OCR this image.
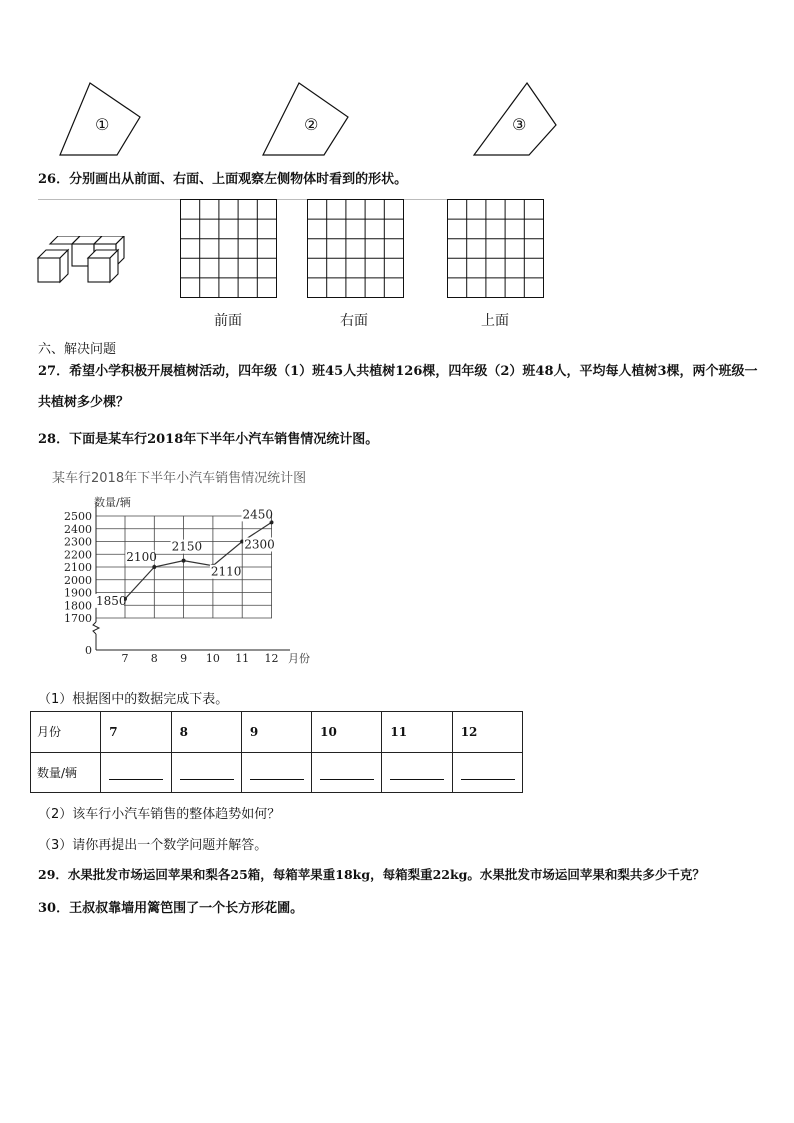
①	②	③
26．分别画出从前面、右面、上面观察左侧物体时看到的形状。
前面	右面	上面
六、解决问题
27．希望小学积极开展植树活动，四年级（1）班45人共植树126棵，四年级（2）班48人，平均每人植树3棵，两个班级一共植树多少棵？
28．下面是某车行2018年下半年小汽车销售情况统计图。
某车行2018年下半年小汽车销售情况统计图
0
1700
1800
1900
2000
2100
2200
2300
2400
2500
7 8 9 10 11 12
1850
2100
2150
2110
2300
2450
数量/辆
月份
（1）根据图中的数据完成下表。
月份	7	8	9	10	11	12
数量/辆						
（2）该车行小汽车销售的整体趋势如何？
（3）请你再提出一个数学问题并解答。
29．水果批发市场运回苹果和梨各25箱，每箱苹果重18kg，每箱梨重22kg。水果批发市场运回苹果和梨共多少千克？
30．王叔叔靠墙用篱笆围了一个长方形花圃。
